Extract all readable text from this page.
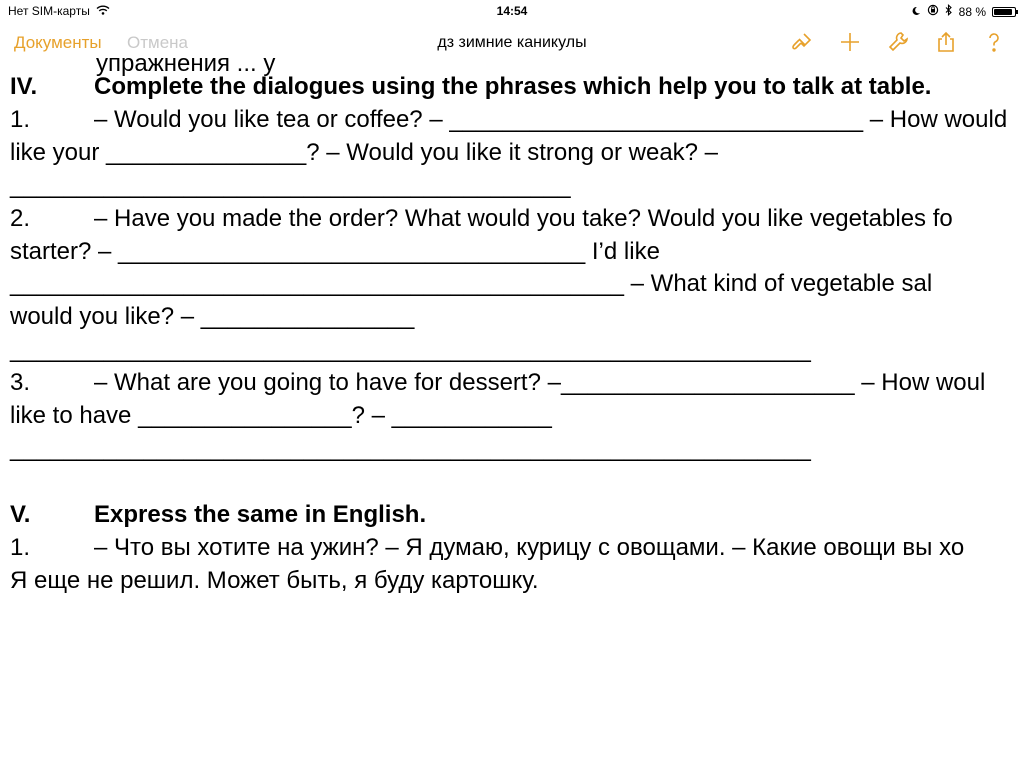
Нет SIM-карты	14:54	88 %
Документы Отмена	дз зимние каникулы
упражнения ... у
IV. Complete the dialogues using the phrases which help you to talk at table.
1.	– Would you like tea or coffee? – _______________________________ – How would
like your _______________? – Would you like it strong or weak? –
__________________________________________
2.	– Have you made the order? What would you take? Would you like vegetables fo
starter? – ___________________________________ I’d like
______________________________________________ – What kind of vegetable sal
would you like? – ________________
____________________________________________________________
3.	– What are you going to have for dessert? –______________________ – How woul
like to have ________________? – ____________
____________________________________________________________
V.	Express the same in English.
1.	– Что вы хотите на ужин? – Я думаю, курицу с овощами. – Какие овощи вы хо
Я еще не решил. Может быть, я буду картошку.
